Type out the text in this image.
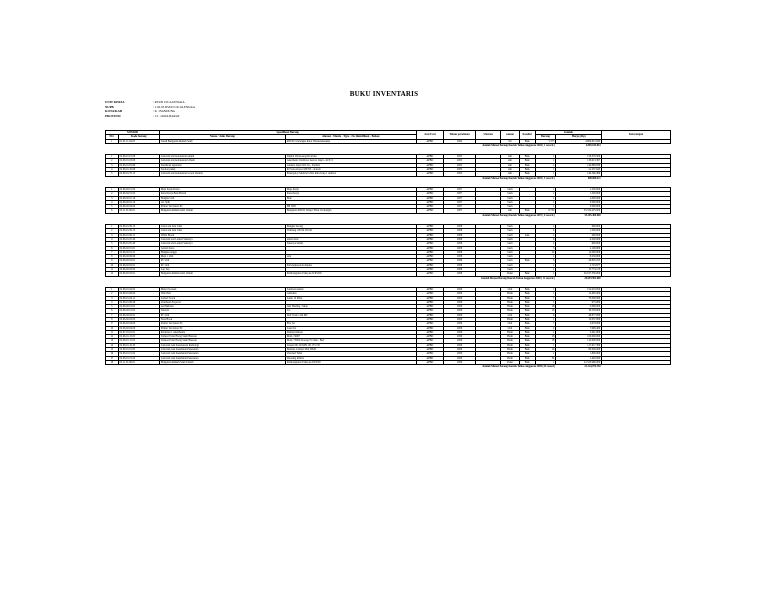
BUKU INVENTARIS
UNIT KERJA	: RSUD CICALENGKA
NUPB	: 1.02.03 RSUD CICALENGKA
KOTA/KAB	: K . BANDUNG
PROVINSI	: 13 . JAWA BARAT
NOMOR		Spesifikasi Barang		Asal Usul	Tahun perolehan	Ukuran	satuan	Kondisi	Jumlah		Keterangan
NO.	Kode barang	Nama / Jenis Barang	Alamat - Merek - Type - No Identifikasi - Bahan						Barang	Harga (Rp)	
1	01.01.11.04.05	Tanah Bangunan Rumah Sakit	RSUD Cicalengka RAA Wiranatakusuma	APBD	2004		m2	Baik	5.375	4.809.815.843	
Jumlah Mutasi Barang Daerah Tahun Anggaran 2004 ( 1 record )										4.809.815.843	

1	02.06.01.01.08	Lain-lain alat kedokteran umum	Digital Ultrasonografi Aloka	APBD	2005		unit	Baik	1	158.370.500	
2	02.06.01.03.08	Lain-lain alat kedokteran Umum	Anesthesia Ventilator Aurora Japan - ACE-5	APBD	2005		unit	Baik	1	138.613.397	
3	02.06.01.05.60	Sterilisasi apparatus	Aloksla Japan S0J 2A - Sterilux	APBD	2005		unit	Baik	1	140.868.830	
4	02.06.01.10.06	Suction pump	P2 Sono-Korea MS700 - aloksla	APBD	2005		unit	Baik	1	21.237.643	
5	02.06.01.70.15	Lain-lain alat kedokteran Gawat Darurat	Emergency Medical Units Indo/Grup 1 unitbox	APBD	2005		unit	Baik	1	149.366.489	
Jumlah Mutasi Barang Daerah Tahun Anggaran 2005 ( 5 record )										608.808.411	

1	02.06.02.01.04	Meja Kerja Rotan	Meja Kerja	APBD	2007		buah		1	1.500.000	
2	02.06.02.01.05	Kursi Kerja Besi/Plastik	Kursi Kerja	APBD	2007		buah		1	1.500.000	
3	02.06.02.01.16	Bangku Unit	Bale	APBD	2007		buah		1	2.000.000	
4	02.06.02.02.10	AC Split		APBD	2007		buah		1	3.000.000	
5	02.06.02.04.04	Printer Tevoluion PC	HP 1005	APBD	2007		buah		1	3.000.000	
6	03.11.01.06.01	Bangunan Rumah sakit Umum	Bangunan RSUD Tahap I Blok Cicalengka	APBD	2007		unit	Baik	8.750	35.334.225.000	
Jumlah Mutasi Barang Daerah Tahun Anggaran 2007 ( 6 record )										35.365.400.000	

1	02.06.01.09.13	Lain-Lain Alat Ukur	Bangku Serong	APBD	2008		buah		1	600.000	
2	02.06.01.09.13	Lain-Lain Alat Ukur	Timbang 100 ml 250 ml	APBD	2008		buah		4	1.200.000	
3	02.06.01.09.11	White Board		APBD	2008		buah	baik	1	400.000	
4	02.06.01.05.40	Lain-lain alat Lemari Sekretya	lemari besi	APBD	2008		buah		6	6.200.000	
5	02.06.01.05.40	Lain-lain alat Lemari Sekretya	Sekretya lemari	APBD	2008		buah		2	600.000	
6	02.06.02.01.01	Lemari Kaca		APBD	2008		buah		3	2.100.000	
7	02.06.02.01.21	Bangku tunggu		APBD	2008		buah		22	12.000.000	
8	02.06.02.06.09	Meja 1 Unit	sofa	APBD	2008		buah		1	8.250.000	
9	02.06.02.02.01	PC Unit		APBD	2008		buah	Baik	3	26.805.165	
10	02.06.02.02.01	PC Unit	Perlengkapan Komputer	APBD	2008		buah		1	2.723.977	
11	02.06.02.02.02	Lap Top		APBD	2008		buah		1	15.774.123	
12	02.06.02.02.01	Bangunan Rumah sakit Umum	Pembangunan Tahap ke II RSUD	APBD	2008		Paket	Baik	1	20.187.336.000	
Jumlah Mutasi Barang Daerah Tahun Anggaran 2008 ( 12 record )										20.693.902.000	

1	02.06.01.04.02	Mebel Sorasan	Sandaran kamar	APBD	2009		Unit	Baik	1	152.018.950	
2	02.06.01.06.04	Wind Kat	Ambulan	APBD	2009		Buah	Baik	1	12.665.000	
3	02.06.01.04.11	Lemari Sorok	Laker 12 Pintu	APBD	2009		Buah	Baik	7	70.000.000	
4	02.06.01.09.28	Overhead Projector		APBD	2009		Buah	Baik	1	975.000	
5	02.06.02.01.01	Asi Mebeler	Jam Dinding / Meja	APBD	2009		Buah	Baik	18	3.060.000	
6	02.06.02.01.03	Televisi	LG	APBD	2009		Buah	Baik	18	39.559.000	
7	02.06.02.02.01	PC Unit	Dell Vostro 220 MT	APBD	2009		Unit	Baik	6	48.877.000	
8	02.06.02.02.03	Note Book		APBD	2009		Buah	Baik	1	13.057.000	
9	02.06.02.04.00	Printer Tevoluion PC	Ello Jet	APBD	2009		Unit	Baik	7	4.978.000	
10	02.06.02.04.00	Printer Tevoluion PC	Laser Jet	APBD	2009		Unit	Baik	2	7.999.400	
11	02.07.01.01.01	Peralatan 1 Anesthestie	Dentasi Infusia	APBD	2009		Buah	Baik	1	3.441.000	
12	02.06.01.15.05	Tempat Tidur Hwng Sakit Biasaan	MAL-74007	APBD	2009		Buah	Baik	18	100.000.000	
13	02.06.01.15.05	Tempat Tidur Hwng Sakit Biasaan	MAL-75004 Dorong/3 Crank - Bed	APBD	2009		Buah	Baik	18	110.000.000	
14	02.06.01.10.33	Lain-lain Alat Kedokteran Radiologi	Linsen 001 Di KHL 06 1751 95	APBD	2009		Buah	Baik	1	117.617.300	
15	02.06.01.01.65	Lain-lain Alat Kesehatan Penesanan	Bedside Cabinet Mrk TH2D	APBD	2009		Buah	Baik	20	80.000.000	
16	02.06.01.01.02	Lain-lain Alat Kesehatan Penesanan	Overbed Tabel	APBD	2009		Buah	Baik	1	1.800.000	
17	02.06.01.01.02	Lain-lain Alat Kesehatan Penesanan	Dressing Infusia	APBD	2009		Buah	Baik	34	5.440.000	
18	03.11.01.06.01	Bangunan Rumah Sakit Umum	Pembangunan Tahap ke III RSD	APBD	2009		Paket	Baik	1	22.323.996.000	
Jumlah Mutasi Barang Daerah Tahun Anggaran 2009 (18 record)										23.224,070.350	
